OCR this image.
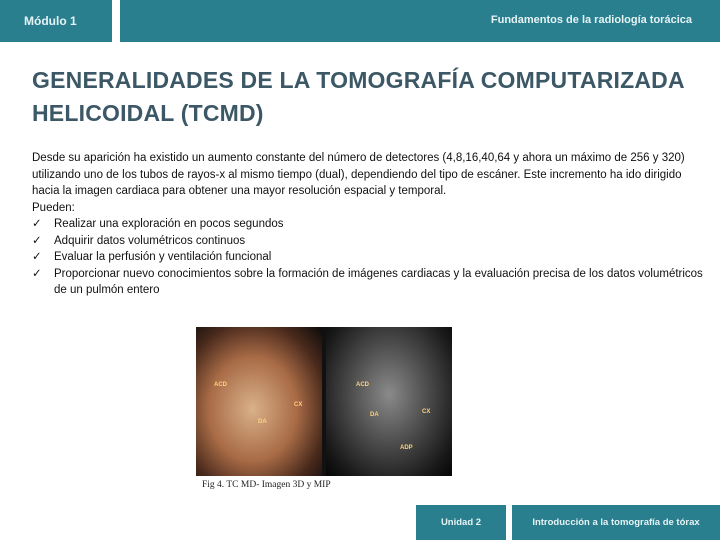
Módulo 1	Fundamentos de la radiología torácica
GENERALIDADES DE LA TOMOGRAFÍA COMPUTARIZADA HELICOIDAL (TCMD)

Desde su aparición ha existido un aumento constante del número de detectores (4,8,16,40,64 y ahora un máximo de 256 y 320) utilizando uno de los tubos de rayos-x al mismo tiempo (dual), dependiendo del tipo de escáner. Este incremento ha ido dirigido hacia la imagen cardiaca para obtener una mayor resolución espacial y temporal.

Pueden:

✓	Realizar una exploración en pocos segundos
✓	Adquirir datos volumétricos continuos
✓	Evaluar la perfusión y ventilación funcional
✓	Proporcionar nuevo conocimientos sobre la formación de imágenes cardiacas y la evaluación precisa de los datos volumétricos de un pulmón entero
ACD
CX
DA
ACD
DA	CX
ADP
Fig 4. TC MD- Imagen 3D y MIP
Unidad 2	Introducción a la tomografía de tórax
